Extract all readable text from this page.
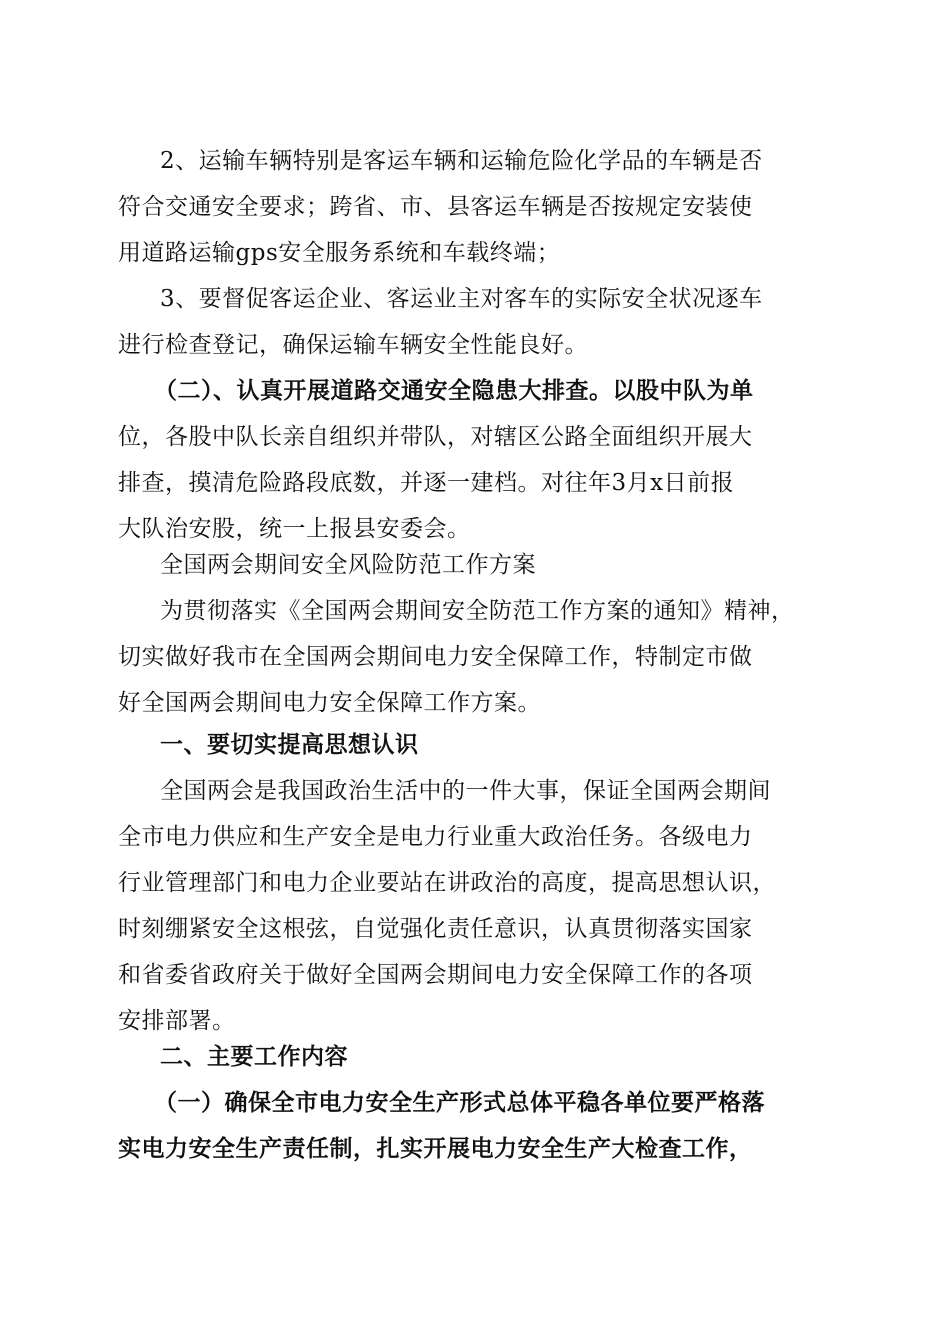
2、运输车辆特别是客运车辆和运输危险化学品的车辆是否
符合交通安全要求；跨省、市、县客运车辆是否按规定安装使
用道路运输gps安全服务系统和车载终端；
3、要督促客运企业、客运业主对客车的实际安全状况逐车
进行检查登记，确保运输车辆安全性能良好。
（二）、认真开展道路交通安全隐患大排查。以股中队为单
位，各股中队长亲自组织并带队，对辖区公路全面组织开展大
排查，摸清危险路段底数，并逐一建档。对往年3月x日前报
大队治安股，统一上报县安委会。
全国两会期间安全风险防范工作方案
为贯彻落实《全国两会期间安全防范工作方案的通知》精神，
切实做好我市在全国两会期间电力安全保障工作，特制定市做
好全国两会期间电力安全保障工作方案。
一、要切实提高思想认识
全国两会是我国政治生活中的一件大事，保证全国两会期间
全市电力供应和生产安全是电力行业重大政治任务。各级电力
行业管理部门和电力企业要站在讲政治的高度，提高思想认识，
时刻绷紧安全这根弦，自觉强化责任意识，认真贯彻落实国家
和省委省政府关于做好全国两会期间电力安全保障工作的各项
安排部署。
二、主要工作内容
（一）确保全市电力安全生产形式总体平稳各单位要严格落
实电力安全生产责任制，扎实开展电力安全生产大检查工作，
